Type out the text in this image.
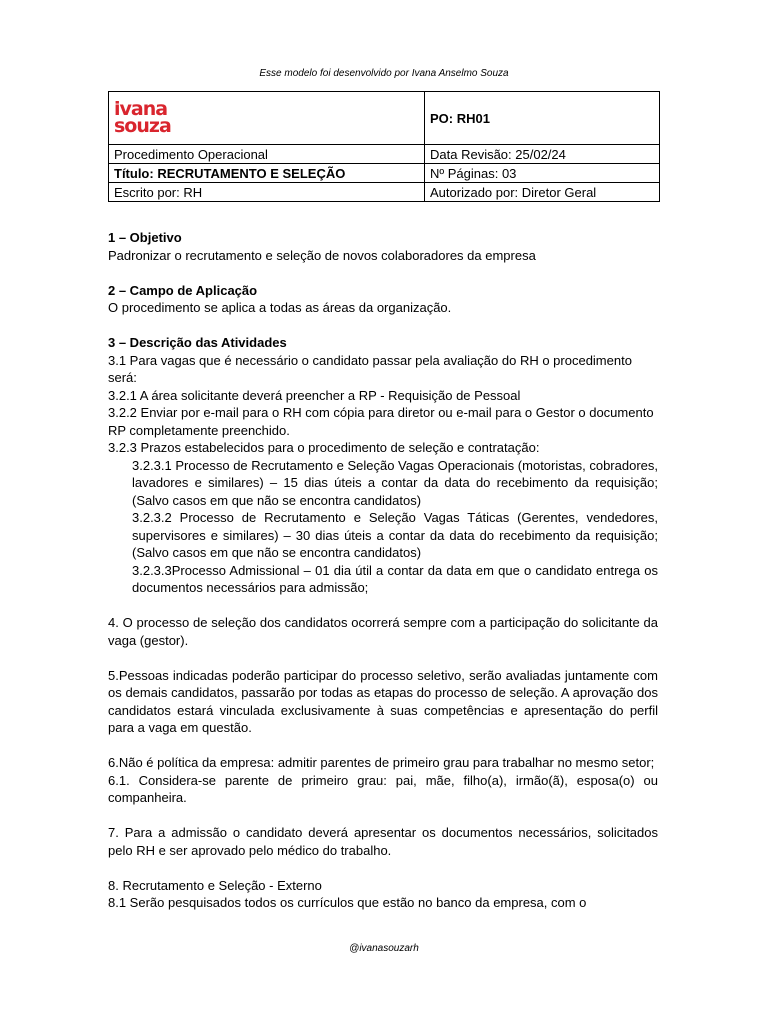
Esse modelo foi desenvolvido por Ivana Anselmo Souza
ivana
souza	PO: RH01
Procedimento Operacional	Data Revisão: 25/02/24
Título: RECRUTAMENTO E SELEÇÃO	Nº Páginas: 03
Escrito por: RH	Autorizado por: Diretor Geral

1 – Objetivo

Padronizar o recrutamento e seleção de novos colaboradores da empresa

2 – Campo de Aplicação

O procedimento se aplica a todas as áreas da organização.

3 – Descrição das Atividades

3.1 Para vagas que é necessário o candidato passar pela avaliação do RH o procedimento será:

3.2.1 A área solicitante deverá preencher a RP - Requisição de Pessoal

3.2.2 Enviar por e-mail para o RH com cópia para diretor ou e-mail para o Gestor o documento RP completamente preenchido.

3.2.3 Prazos estabelecidos para o procedimento de seleção e contratação:

3.2.3.1 Processo de Recrutamento e Seleção Vagas Operacionais (motoristas, cobradores, lavadores e similares) – 15 dias úteis a contar da data do recebimento da requisição; (Salvo casos em que não se encontra candidatos)

3.2.3.2 Processo de Recrutamento e Seleção Vagas Táticas (Gerentes, vendedores, supervisores e similares) – 30 dias úteis a contar da data do recebimento da requisição; (Salvo casos em que não se encontra candidatos)

3.2.3.3Processo Admissional – 01 dia útil a contar da data em que o candidato entrega os documentos necessários para admissão;

4. O processo de seleção dos candidatos ocorrerá sempre com a participação do solicitante da vaga (gestor).

5.Pessoas indicadas poderão participar do processo seletivo, serão avaliadas juntamente com os demais candidatos, passarão por todas as etapas do processo de seleção. A aprovação dos candidatos estará vinculada exclusivamente à suas competências e apresentação do perfil para a vaga em questão.

6.Não é política da empresa: admitir parentes de primeiro grau para trabalhar no mesmo setor;

6.1. Considera-se parente de primeiro grau: pai, mãe, filho(a), irmão(ã), esposa(o) ou companheira.

7. Para a admissão o candidato deverá apresentar os documentos necessários, solicitados pelo RH e ser aprovado pelo médico do trabalho.

8. Recrutamento e Seleção - Externo

8.1 Serão pesquisados todos os currículos que estão no banco da empresa, com o

@ivanasouzarh
